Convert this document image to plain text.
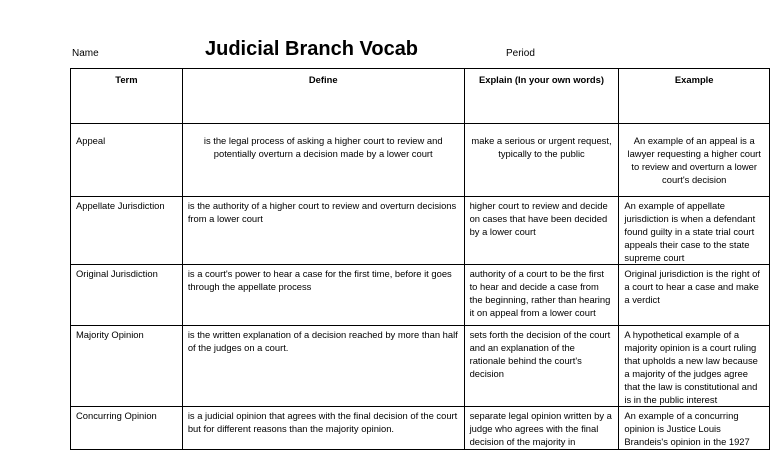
Name	Judicial Branch Vocab	Period
Term	Define	Explain (In your own words)	Example
Appeal	is the legal process of asking a higher court to review and potentially overturn a decision made by a lower court	make a serious or urgent request, typically to the public	An example of an appeal is a lawyer requesting a higher court to review and overturn a lower court's decision
Appellate Jurisdiction	is the authority of a higher court to review and overturn decisions from a lower court	higher court to review and decide on cases that have been decided by a lower court	An example of appellate jurisdiction is when a defendant found guilty in a state trial court appeals their case to the state supreme court
Original Jurisdiction	is a court's power to hear a case for the first time, before it goes through the appellate process	authority of a court to be the first to hear and decide a case from the beginning, rather than hearing it on appeal from a lower court	Original jurisdiction is the right of a court to hear a case and make a verdict
Majority Opinion	is the written explanation of a decision reached by more than half of the judges on a court.	sets forth the decision of the court and an explanation of the rationale behind the court's decision	A hypothetical example of a majority opinion is a court ruling that upholds a new law because a majority of the judges agree that the law is constitutional and is in the public interest
Concurring Opinion	is a judicial opinion that agrees with the final decision of the court but for different reasons than the majority opinion.	separate legal opinion written by a judge who agrees with the final decision of the majority in	An example of a concurring opinion is Justice Louis Brandeis's opinion in the 1927
